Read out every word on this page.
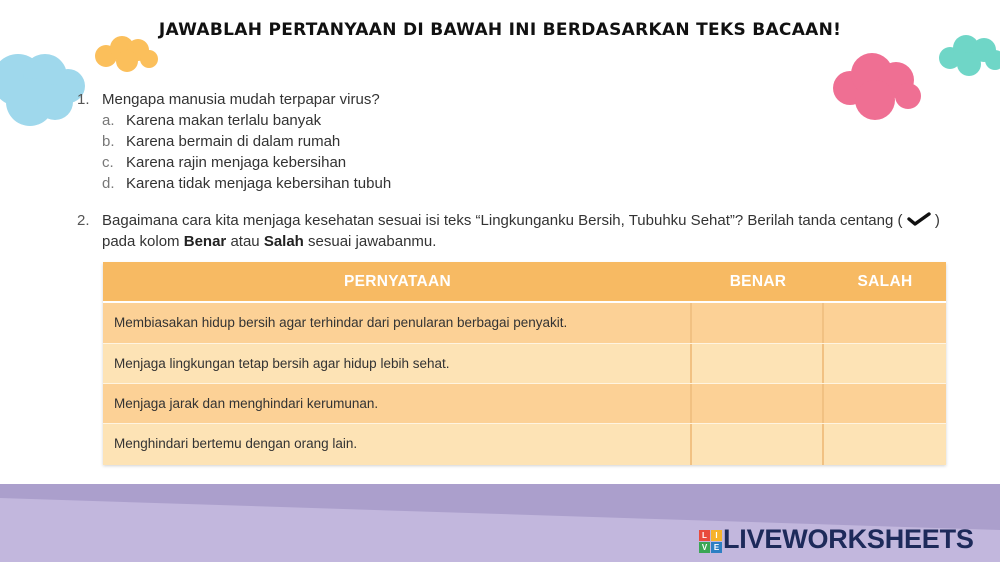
JAWABLAH PERTANYAAN DI BAWAH INI BERDASARKAN TEKS BACAAN!
1. Mengapa manusia mudah terpapar virus?
a. Karena makan terlalu banyak
b. Karena bermain di dalam rumah
c. Karena rajin menjaga kebersihan
d. Karena tidak menjaga kebersihan tubuh
2. Bagaimana cara kita menjaga kesehatan sesuai isi teks “Lingkunganku Bersih, Tubuhku Sehat”? Berilah tanda centang ( )
pada kolom Benar atau Salah sesuai jawabanmu.
PERNYATAAN	BENAR	SALAH
Membiasakan hidup bersih agar terhindar dari penularan berbagai penyakit.
Menjaga lingkungan tetap bersih agar hidup lebih sehat.
Menjaga jarak dan menghindari kerumunan.
Menghindari bertemu dengan orang lain.
L	I
V E LIVEWORKSHEETS
